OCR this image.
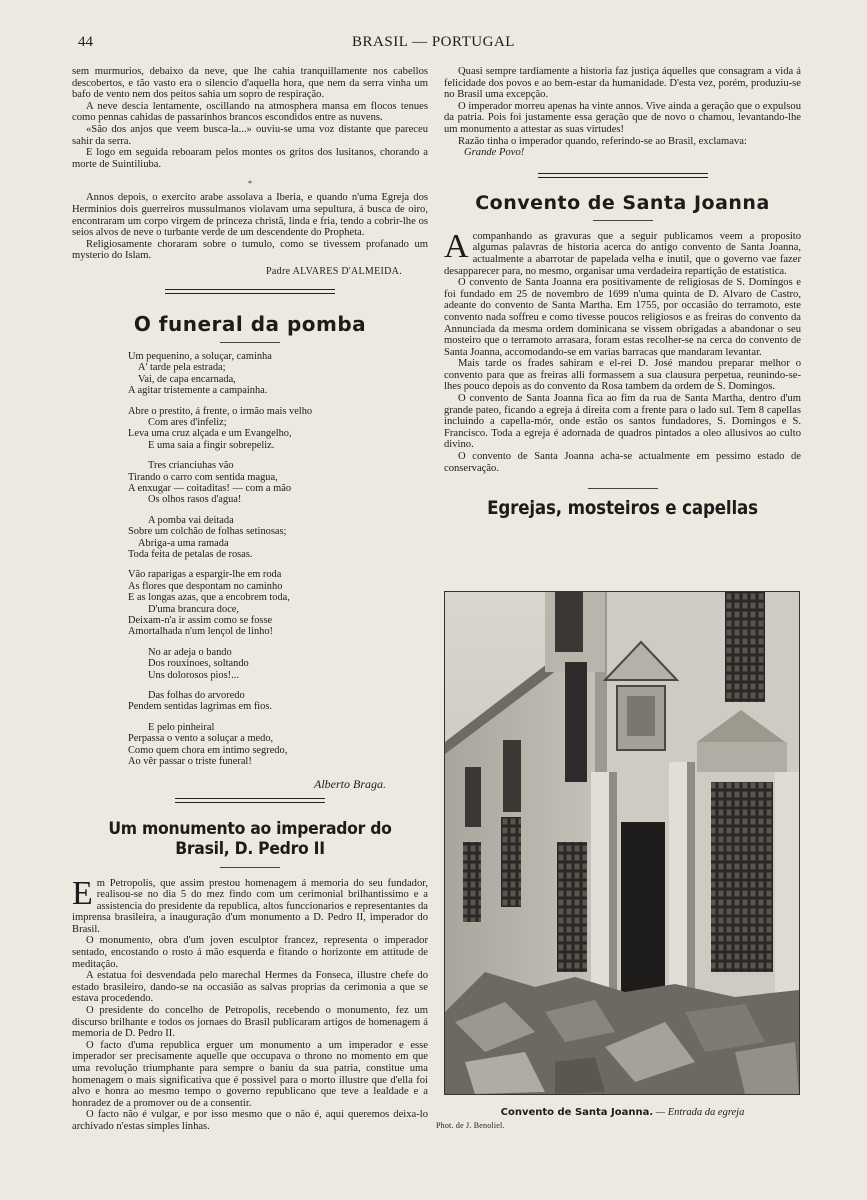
44	BRASIL — PORTUGAL

sem murmurios, debaixo da neve, que lhe cahia tranquillamente nos cabellos descobertos, e tão vasto era o silencio d'aquella hora, que nem da serra vinha um bafo de vento nem dos peitos sahia um sopro de respiração.

A neve descia lentamente, oscillando na atmosphera mansa em flocos tenues como pennas cahidas de passarinhos brancos escondidos entre as nuvens.

«São dos anjos que veem busca-la...» ouviu-se uma voz distante que pareceu sahir da serra.

E logo em seguida reboaram pelos montes os gritos dos lusitanos, chorando a morte de Suintiliuba.

*

Annos depois, o exercito arabe assolava a Iberia, e quando n'uma Egreja dos Herminios dois guerreiros mussulmanos violavam uma sepultura, á busca de oiro, encontraram um corpo virgem de princeza christã, linda e fria, tendo a cobrir-lhe os seios alvos de neve o turbante verde de um descendente do Propheta.

Religiosamente choraram sobre o tumulo, como se tivessem profanado um mysterio do Islam.

Padre ALVARES D'ALMEIDA.
O funeral da pomba
Um pequenino, a soluçar, caminha
A' tarde pela estrada;
Vai, de capa encarnada,
A agitar tristemente a campainha.
Abre o prestito, á frente, o irmão mais velho
Com ares d'infeliz;
Leva uma cruz alçada e um Evangelho,
E uma saia a fingir sobrepeliz.
Tres crianciuhas vão
Tirando o carro com sentida magua,
A enxugar — coitaditas! — com a mão
Os olhos rasos d'agua!
A pomba vai deitada
Sobre um colchão de folhas setinosas;
Abriga-a uma ramada
Toda feita de petalas de rosas.
Vão raparigas a espargir-lhe em roda
As flores que despontam no caminho
E as longas azas, que a encobrem toda,
D'uma brancura doce,
Deixam-n'a ir assim como se fosse
Amortalhada n'um lençol de linho!
No ar adeja o bando
Dos rouxinoes, soltando
Uns dolorosos pios!...
Das folhas do arvoredo
Pendem sentidas lagrimas em fios.
E pelo pinheiral
Perpassa o vento a soluçar a medo,
Como quem chora em intimo segredo,
Ao vêr passar o triste funeral!
Alberto Braga.
Um monumento ao imperador do Brasil, D. Pedro II
E m Petropolis, que assim prestou homenagem á memoria do seu fundador, realisou-se no dia 5 do mez findo com um cerimonial brilhantissimo e a assistencia do presidente da republica, altos funccionarios e representantes da imprensa brasileira, a inauguração d'um monumento a D. Pedro II, imperador do Brasil.

O monumento, obra d'um joven esculptor francez, representa o imperador sentado, encostando o rosto á mão esquerda e fitando o horizonte em attitude de meditação.

A estatua foi desvendada pelo marechal Hermes da Fonseca, illustre chefe do estado brasileiro, dando-se na occasião as salvas proprias da cerimonia a que se estava procedendo.

O presidente do concelho de Petropolis, recebendo o monumento, fez um discurso brilhante e todos os jornaes do Brasil publicaram artigos de homenagem á memoria de D. Pedro II.

O facto d'uma republica erguer um monumento a um imperador e esse imperador ser precisamente aquelle que occupava o throno no momento em que uma revolução triumphante para sempre o baniu da sua patria, constitue uma homenagem o mais significativa que é possivel para o morto illustre que d'ella foi alvo e honra ao mesmo tempo o governo republicano que teve a lealdade e a honradez de a promover ou de a consentir.

O facto não é vulgar, e por isso mesmo que o não é, aqui queremos deixa-lo archivado n'estas simples linhas.

Quasi sempre tardiamente a historia faz justiça áquelles que consagram a vida á felicidade dos povos e ao bem-estar da humanidade. D'esta vez, porém, produziu-se no Brasil uma excepção.

O imperador morreu apenas ha vinte annos. Vive ainda a geração que o expulsou da patria. Pois foi justamente essa geração que de novo o chamou, levantando-lhe um monumento a attestar as suas virtudes!

Razão tinha o imperador quando, referindo-se ao Brasil, exclamava:

Grande Povo!

Convento de Santa Joanna
A companhando as gravuras que a seguir publicamos veem a proposito algumas palavras de historia acerca do antigo convento de Santa Joanna, actualmente a abarrotar de papelada velha e inutil, que o governo vae fazer desapparecer para, no mesmo, organisar uma verdadeira repartição de estatistica.

O convento de Santa Joanna era positivamente de religiosas de S. Domingos e foi fundado em 25 de novembro de 1699 n'uma quinta de D. Alvaro de Castro, adeante do convento de Santa Martha. Em 1755, por occasião do terramoto, este convento nada soffreu e como tivesse poucos religiosos e as freiras do convento da Annunciada da mesma ordem dominicana se vissem obrigadas a abandonar o seu mosteiro que o terramoto arrasara, foram estas recolher-se na cerca do convento de Santa Joanna, accomodando-se em varias barracas que mandaram levantar.

Mais tarde os frades sahiram e el-rei D. José mandou preparar melhor o convento para que as freiras alli formassem a sua clausura perpetua, reunindo-se-lhes pouco depois as do convento da Rosa tambem da ordem de S. Domingos.

O convento de Santa Joanna fica ao fim da rua de Santa Martha, dentro d'um grande pateo, ficando a egreja á direita com a frente para o lado sul. Tem 8 capellas incluindo a capella-mór, onde estão os santos fundadores, S. Domingos e S. Francisco. Toda a egreja é adornada de quadros pintados a oleo allusivos ao culto divino.

O convento de Santa Joanna acha-se actualmente em pessimo estado de conservação.

Egrejas, mosteiros e capellas
Convento de Santa Joanna. — Entrada da egreja
Phot. de J. Benoliel.
